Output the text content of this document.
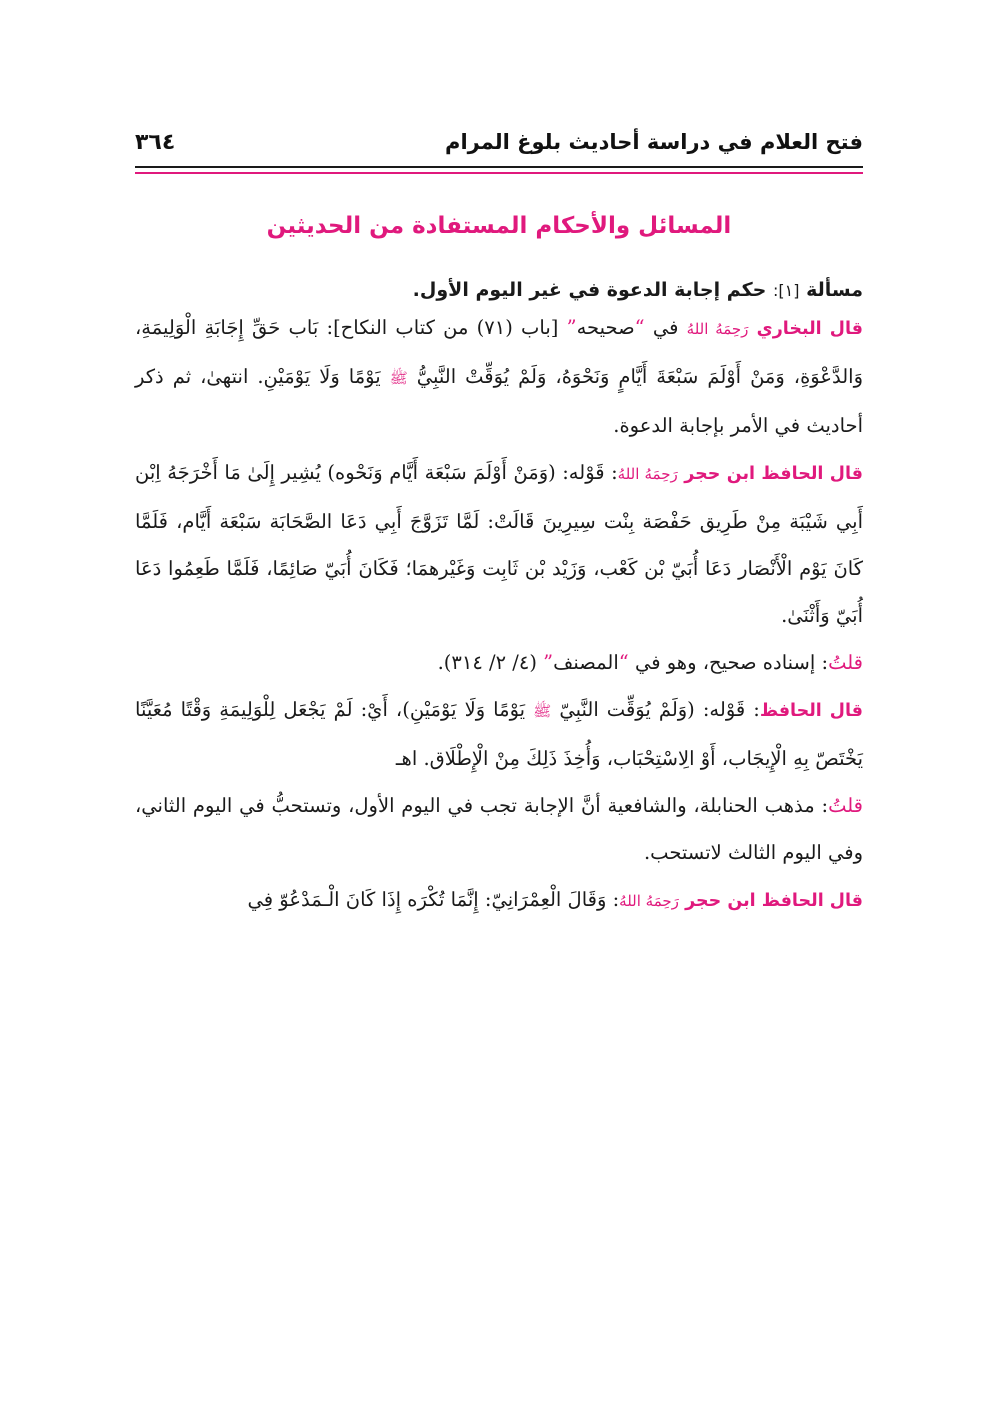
فتح العلام في دراسة أحاديث بلوغ المرام
٣٦٤
المسائل والأحكام المستفادة من الحديثين
مسألة [١]: حكم إجابة الدعوة في غير اليوم الأول.

قال البخاري رَحِمَهُ اللهُ في “صحيحه” [باب (٧١) من كتاب النكاح]: بَاب حَقِّ إِجَابَةِ الْوَلِيمَةِ، وَالدَّعْوَةِ، وَمَنْ أَوْلَمَ سَبْعَةَ أَيَّامٍ وَنَحْوَهُ، وَلَمْ يُوَقِّتْ النَّبِيُّ ﷺ يَوْمًا وَلَا يَوْمَيْنِ. انتهىٰ، ثم ذكر أحاديث في الأمر بإجابة الدعوة.

قال الحافظ ابن حجر رَحِمَهُ اللهُ: قَوْله: (وَمَنْ أَوْلَمَ سَبْعَة أَيَّام وَنَحْوه) يُشِير إِلَىٰ مَا أَخْرَجَهُ اِبْن أَبِي شَيْبَة مِنْ طَرِيق حَفْصَة بِنْت سِيرِينَ قَالَتْ: لَمَّا تَزَوَّجَ أَبِي دَعَا الصَّحَابَة سَبْعَة أَيَّام، فَلَمَّا كَانَ يَوْم الْأَنْصَار دَعَا أُبَيّ بْن كَعْب، وَزَيْد بْن ثَابِت وَغَيْرهمَا؛ فَكَانَ أُبَيّ صَائِمًا، فَلَمَّا طَعِمُوا دَعَا أُبَيّ وَأَثْنَىٰ.

قلتُ: إسناده صحيح، وهو في “المصنف” (٤/ ٢/ ٣١٤).

قال الحافظ: قَوْله: (وَلَمْ يُوَقِّت النَّبِيّ ﷺ يَوْمًا وَلَا يَوْمَيْنِ)، أَيْ: لَمْ يَجْعَل لِلْوَلِيمَةِ وَقْتًا مُعَيَّنًا يَخْتَصّ بِهِ الْإِيجَاب، أَوْ الِاسْتِحْبَاب، وَأُخِذَ ذَلِكَ مِنْ الْإِطْلَاق. اهـ

قلتُ: مذهب الحنابلة، والشافعية أنَّ الإجابة تجب في اليوم الأول، وتستحبُّ في اليوم الثاني، وفي اليوم الثالث لاتستحب.

قال الحافظ ابن حجر رَحِمَهُ اللهُ: وَقَالَ الْعِمْرَانِيّ: إِنَّمَا تُكْرَه إِذَا كَانَ الْـمَدْعُوّ فِي
